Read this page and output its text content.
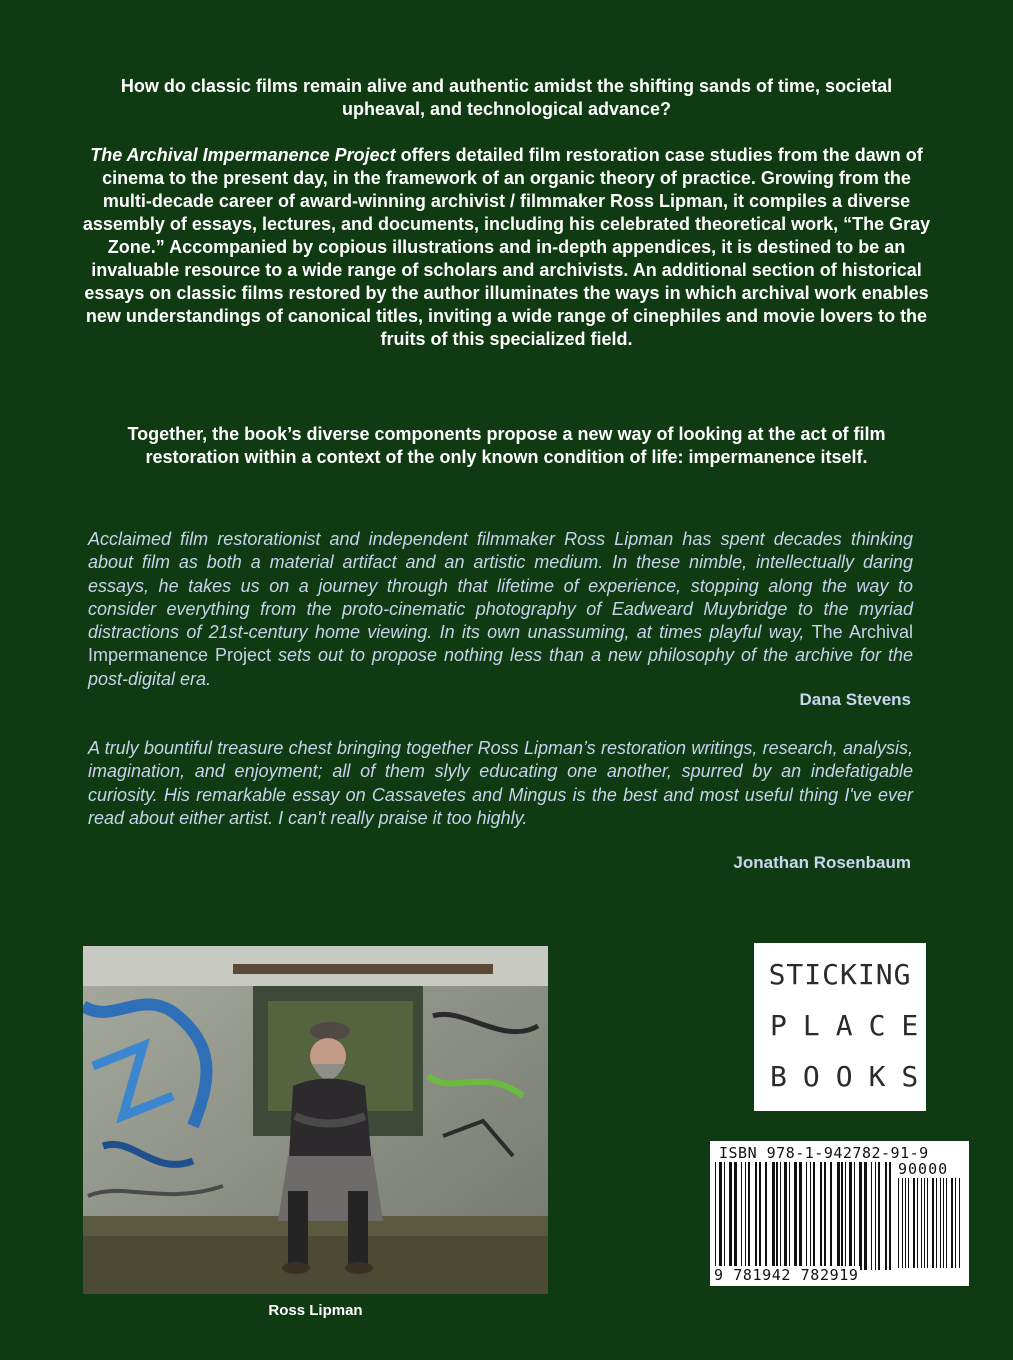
How do classic films remain alive and authentic amidst the shifting sands of time, societal upheaval, and technological advance?

The Archival Impermanence Project offers detailed film restoration case studies from the dawn of cinema to the present day, in the framework of an organic theory of practice. Growing from the multi-decade career of award-winning archivist / filmmaker Ross Lipman, it compiles a diverse assembly of essays, lectures, and documents, including his celebrated theoretical work, “The Gray Zone.” Accompanied by copious illustrations and in-depth appendices, it is destined to be an invaluable resource to a wide range of scholars and archivists. An additional section of historical essays on classic films restored by the author illuminates the ways in which archival work enables new understandings of canonical titles, inviting a wide range of cinephiles and movie lovers to the fruits of this specialized field.

Together, the book’s diverse components propose a new way of looking at the act of film restoration within a context of the only known condition of life: impermanence itself.

Acclaimed film restorationist and independent filmmaker Ross Lipman has spent decades thinking about film as both a material artifact and an artistic medium. In these nimble, intellectually daring essays, he takes us on a journey through that lifetime of experience, stopping along the way to consider everything from the proto-cinematic photography of Eadweard Muybridge to the myriad distractions of 21st-century home viewing. In its own unassuming, at times playful way, The Archival Impermanence Project sets out to propose nothing less than a new philosophy of the archive for the post-digital era.

Dana Stevens

A truly bountiful treasure chest bringing together Ross Lipman’s restoration writings, research, analysis, imagination, and enjoyment; all of them slyly educating one another, spurred by an indefatigable curiosity. His remarkable essay on Cassavetes and Mingus is the best and most useful thing I've ever read about either artist. I can't really praise it too highly.

Jonathan Rosenbaum
Ross Lipman
STICKING
PLACE
BOOKS
ISBN 978-1-942782-91-9
90000
9 781942 782919
